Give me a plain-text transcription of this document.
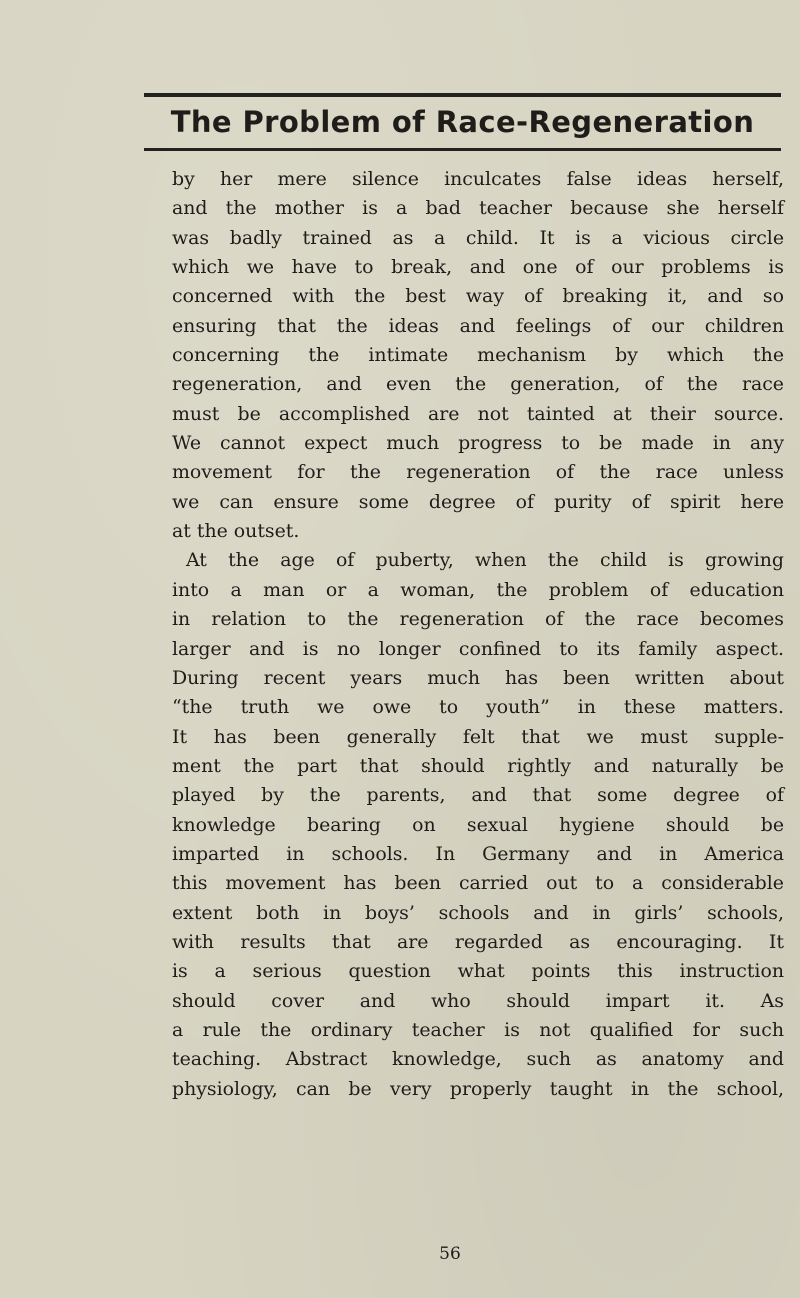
The Problem of Race-Regeneration
by her mere silence inculcates false ideas herself,
and the mother is a bad teacher because she herself
was badly trained as a child. It is a vicious circle
which we have to break, and one of our problems is
concerned with the best way of breaking it, and so
ensuring that the ideas and feelings of our children
concerning the intimate mechanism by which the
regeneration, and even the generation, of the race
must be accomplished are not tainted at their source.
We cannot expect much progress to be made in any
movement for the regeneration of the race unless
we can ensure some degree of purity of spirit here
at the outset.
At the age of puberty, when the child is growing
into a man or a woman, the problem of education
in relation to the regeneration of the race becomes
larger and is no longer confined to its family aspect.
During recent years much has been written about
“the truth we owe to youth” in these matters.
It has been generally felt that we must supple-
ment the part that should rightly and naturally be
played by the parents, and that some degree of
knowledge bearing on sexual hygiene should be
imparted in schools. In Germany and in America
this movement has been carried out to a considerable
extent both in boys’ schools and in girls’ schools,
with results that are regarded as encouraging. It
is a serious question what points this instruction
should cover and who should impart it. As
a rule the ordinary teacher is not qualified for such
teaching. Abstract knowledge, such as anatomy and
physiology, can be very properly taught in the school,
56
